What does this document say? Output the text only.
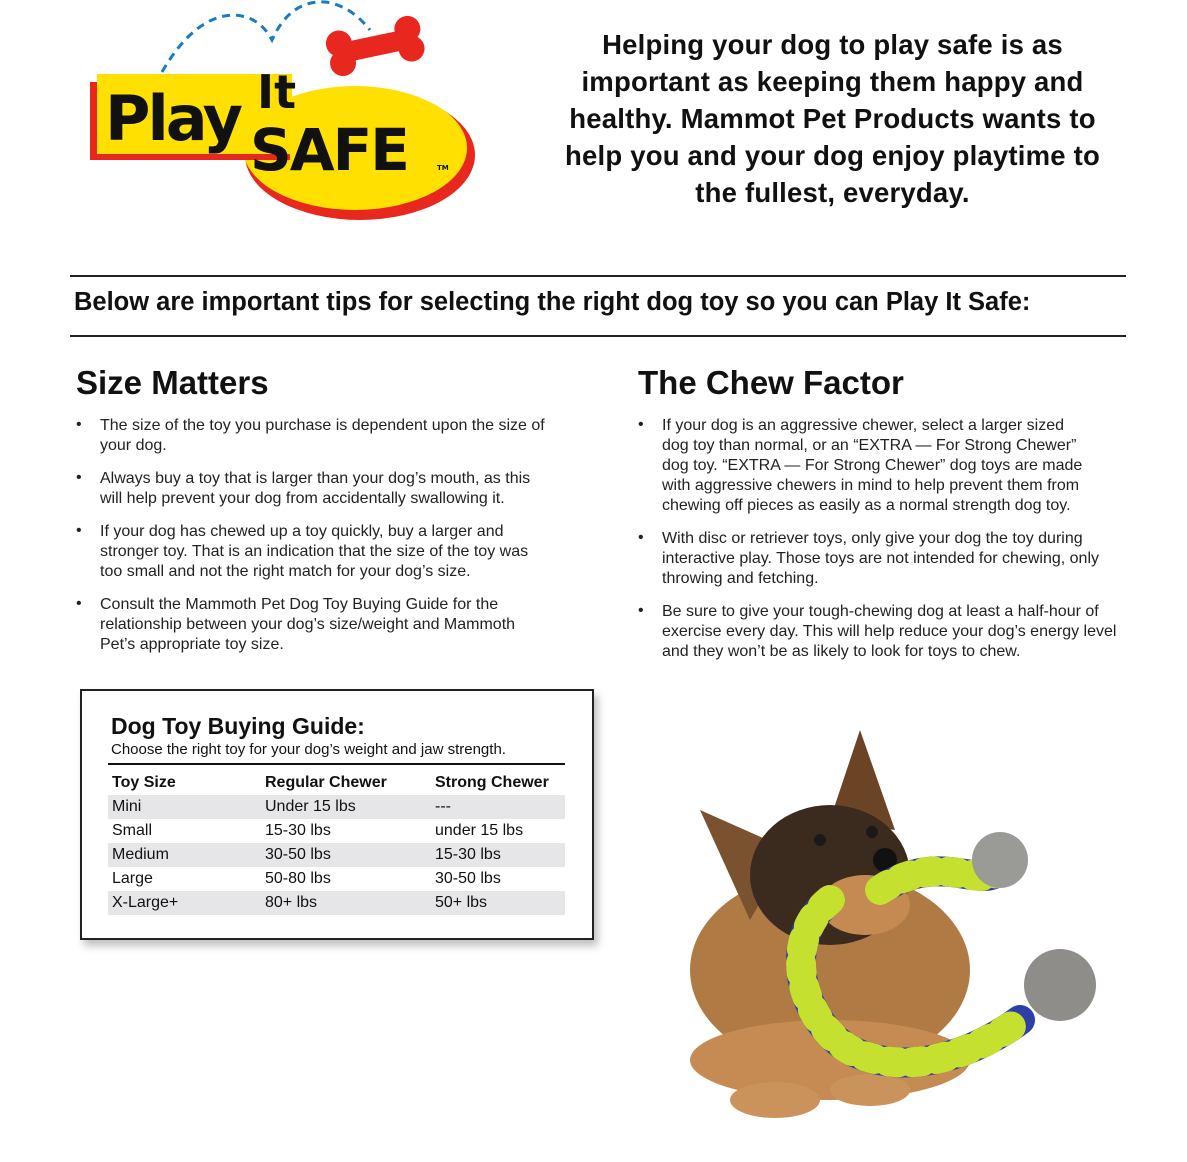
Play It
SAFE	TM
Helping your dog to play safe is as important as keeping them happy and healthy. Mammot Pet Products wants to help you and your dog enjoy playtime to the fullest, everyday.
Below are important tips for selecting the right dog toy so you can Play It Safe:
Size Matters
• The size of the toy you purchase is dependent upon the size of your dog.
• Always buy a toy that is larger than your dog’s mouth, as this will help prevent your dog from accidentally swallowing it.
• If your dog has chewed up a toy quickly, buy a larger and stronger toy. That is an indication that the size of the toy was too small and not the right match for your dog’s size.
• Consult the Mammoth Pet Dog Toy Buying Guide for the relationship between your dog’s size/weight and Mammoth Pet’s appropriate toy size.
The Chew Factor
• If your dog is an aggressive chewer, select a larger sized dog toy than normal, or an “EXTRA — For Strong Chewer” dog toy. “EXTRA — For Strong Chewer” dog toys are made with aggressive chewers in mind to help prevent them from chewing off pieces as easily as a normal strength dog toy.
• With disc or retriever toys, only give your dog the toy during interactive play. Those toys are not intended for chewing, only throwing and fetching.
• Be sure to give your tough-chewing dog at least a half-hour of exercise every day. This will help reduce your dog’s energy level and they won’t be as likely to look for toys to chew.
Dog Toy Buying Guide:
Choose the right toy for your dog’s weight and jaw strength.
Toy Size	Regular Chewer	Strong Chewer
Mini	Under 15 lbs	---
Small	15-30 lbs	under 15 lbs
Medium	30-50 lbs	15-30 lbs
Large	50-80 lbs	30-50 lbs
X-Large+	80+ lbs	50+ lbs
